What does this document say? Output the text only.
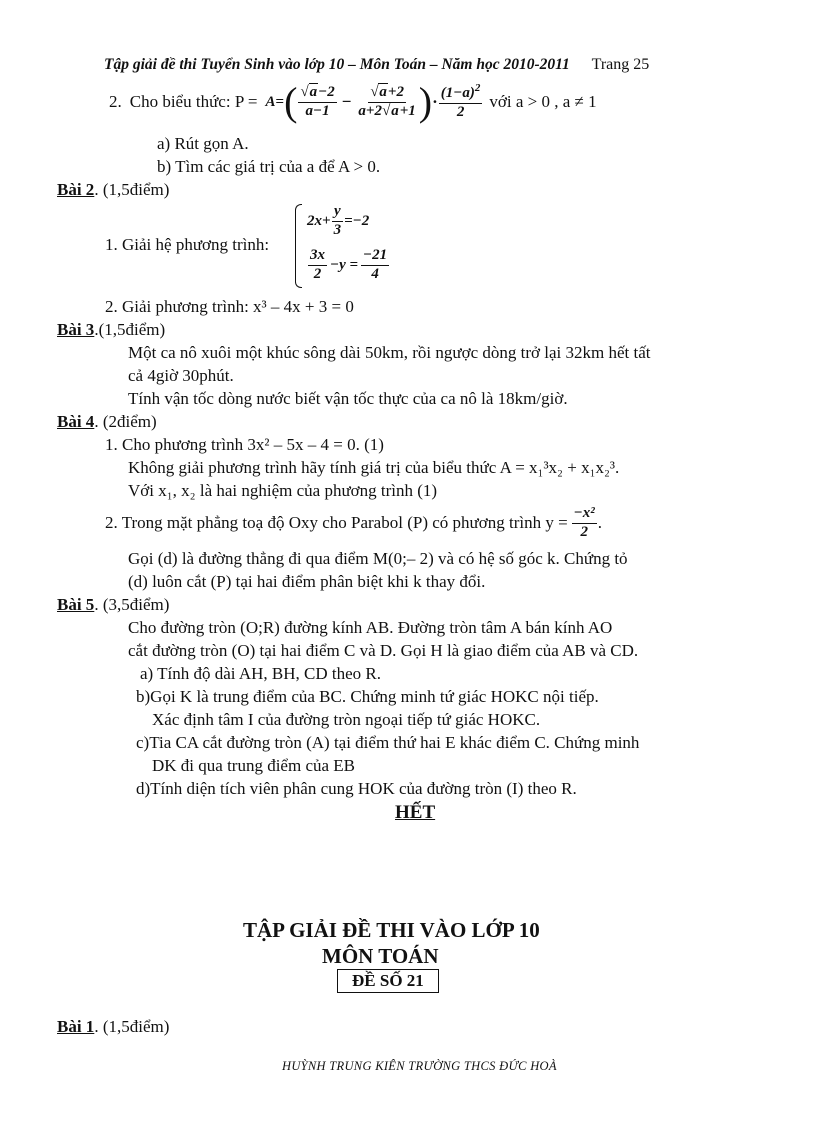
Tập giải đề thi Tuyển Sinh vào lớp 10 – Môn Toán – Năm học 2010-2011 Trang 25
2. Cho biểu thức: P = A = ( $\frac{√a-2}{a-1} - \frac{√a+2}{a+2√a+1}$ ) · $\frac{(1-a)^2}{2}$ với a > 0 , a ≠ 1
a) Rút gọn A.
b) Tìm các giá trị của a để A > 0.
Bài 2. (1,5điểm)
1. Giải hệ phương trình:
$2x+ \frac{y}{3} =-2$
$\frac{3x}{2} -y = \frac{-21}{4}$
2. Giải phương trình: x³ – 4x + 3 = 0
Bài 3.(1,5điểm)
Một ca nô xuôi một khúc sông dài 50km, rồi ngược dòng trở lại 32km hết tất
cả 4giờ 30phút.
Tính vận tốc dòng nước biết vận tốc thực của ca nô là 18km/giờ.
Bài 4. (2điểm)
1. Cho phương trình 3x² – 5x – 4 = 0. (1)
Không giải phương trình hãy tính giá trị của biểu thức A = x₁³x₂ + x₁x₂³.
Với x₁, x₂ là hai nghiệm của phương trình (1)
2. Trong mặt phẳng toạ độ Oxy cho Parabol (P) có phương trình $y = \frac{\text{−x²}}{2}$ .
Gọi (d) là đường thẳng đi qua điểm M(0;– 2) và có hệ số góc k. Chứng tỏ
(d) luôn cắt (P) tại hai điểm phân biệt khi k thay đổi.
Bài 5. (3,5điểm)
Cho đường tròn (O;R) đường kính AB. Đường tròn tâm A bán kính AO
cắt đường tròn (O) tại hai điểm C và D. Gọi H là giao điểm của AB và CD.
a) Tính độ dài AH, BH, CD theo R.
b)Gọi K là trung điểm của BC. Chứng minh tứ giác HOKC nội tiếp.
Xác định tâm I của đường tròn ngoại tiếp tứ giác HOKC.
c)Tia CA cắt đường tròn (A) tại điểm thứ hai E khác điểm C. Chứng minh
DK đi qua trung điểm của EB
d)Tính diện tích viên phân cung HOK của đường tròn (I) theo R.
HẾT
TẬP GIẢI ĐỀ THI VÀO LỚP 10
MÔN TOÁN
ĐỀ SỐ 21
Bài 1. (1,5điểm)
HUỲNH TRUNG KIÊN TRƯỜNG THCS ĐỨC HOÀ
